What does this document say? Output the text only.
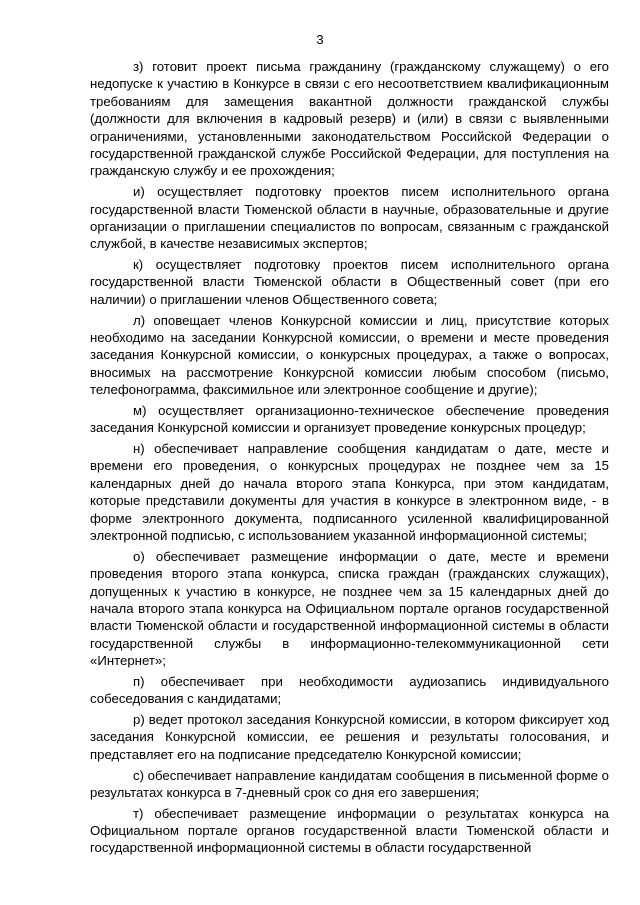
3

з) готовит проект письма гражданину (гражданскому служащему) о его недопуске к участию в Конкурсе в связи с его несоответствием квалификационным требованиям для замещения вакантной должности гражданской службы (должности для включения в кадровый резерв) и (или) в связи с выявленными ограничениями, установленными законодательством Российской Федерации о государственной гражданской службе Российской Федерации, для поступления на гражданскую службу и ее прохождения;

и) осуществляет подготовку проектов писем исполнительного органа государственной власти Тюменской области в научные, образовательные и другие организации о приглашении специалистов по вопросам, связанным с гражданской службой, в качестве независимых экспертов;

к) осуществляет подготовку проектов писем исполнительного органа государственной власти Тюменской области в Общественный совет (при его наличии) о приглашении членов Общественного совета;

л) оповещает членов Конкурсной комиссии и лиц, присутствие которых необходимо на заседании Конкурсной комиссии, о времени и месте проведения заседания Конкурсной комиссии, о конкурсных процедурах, а также о вопросах, вносимых на рассмотрение Конкурсной комиссии любым способом (письмо, телефонограмма, факсимильное или электронное сообщение и другие);

м) осуществляет организационно-техническое обеспечение проведения заседания Конкурсной комиссии и организует проведение конкурсных процедур;

н) обеспечивает направление сообщения кандидатам о дате, месте и времени его проведения, о конкурсных процедурах не позднее чем за 15 календарных дней до начала второго этапа Конкурса, при этом кандидатам, которые представили документы для участия в конкурсе в электронном виде, - в форме электронного документа, подписанного усиленной квалифицированной электронной подписью, с использованием указанной информационной системы;

о) обеспечивает размещение информации о дате, месте и времени проведения второго этапа конкурса, списка граждан (гражданских служащих), допущенных к участию в конкурсе, не позднее чем за 15 календарных дней до начала второго этапа конкурса на Официальном портале органов государственной власти Тюменской области и государственной информационной системы в области государственной службы в информационно-телекоммуникационной сети «Интернет»;

п) обеспечивает при необходимости аудиозапись индивидуального собеседования с кандидатами;

р) ведет протокол заседания Конкурсной комиссии, в котором фиксирует ход заседания Конкурсной комиссии, ее решения и результаты голосования, и представляет его на подписание председателю Конкурсной комиссии;

с) обеспечивает направление кандидатам сообщения в письменной форме о результатах конкурса в 7-дневный срок со дня его завершения;

т) обеспечивает размещение информации о результатах конкурса на Официальном портале органов государственной власти Тюменской области и государственной информационной системы в области государственной
